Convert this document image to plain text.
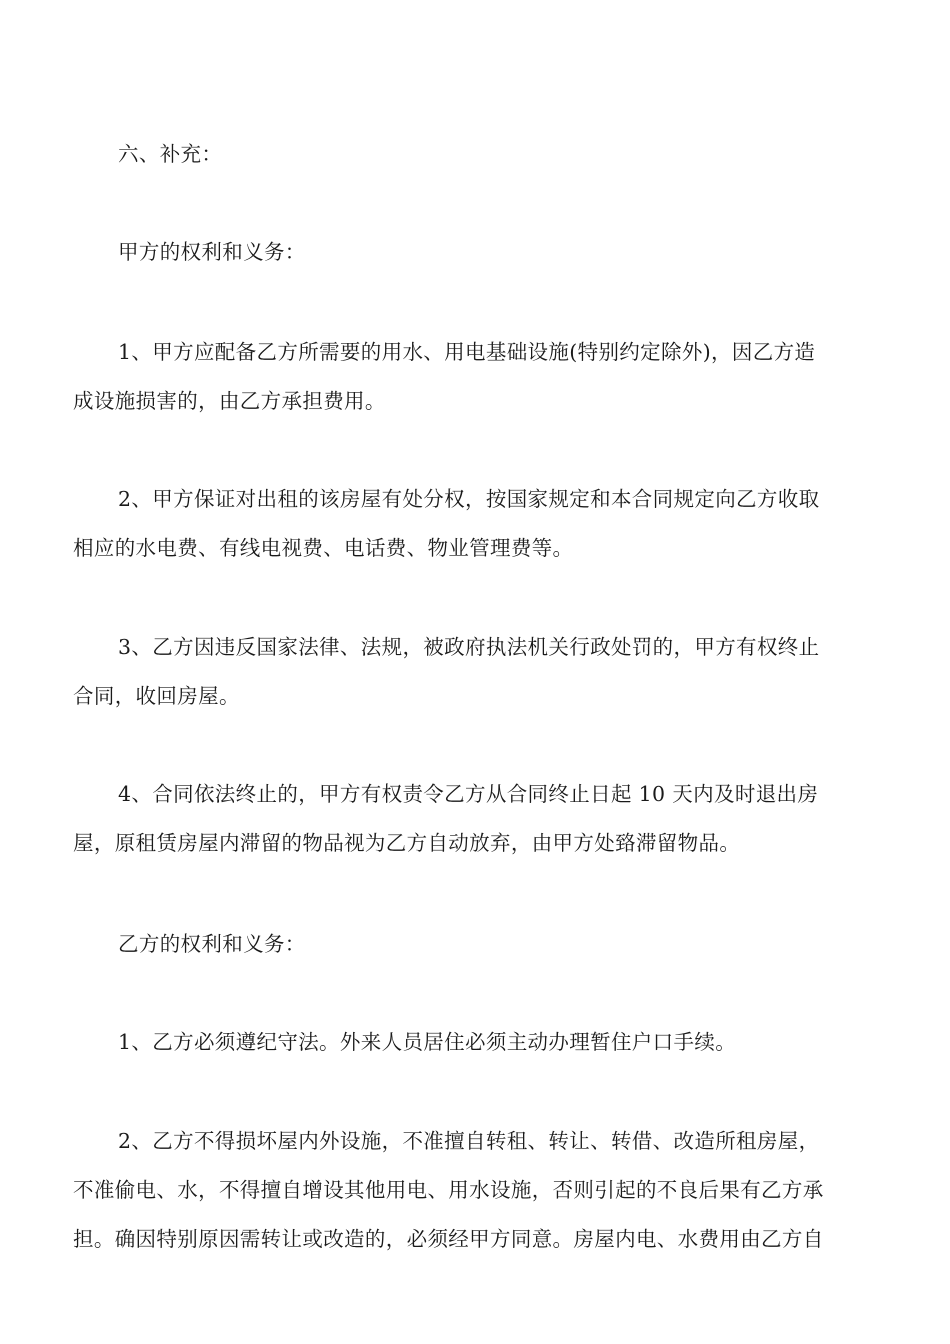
六、补充：

甲方的权利和义务：

1、甲方应配备乙方所需要的用水、用电基础设施(特别约定除外)，因乙方造

成设施损害的，由乙方承担费用。

2、甲方保证对出租的该房屋有处分权，按国家规定和本合同规定向乙方收取

相应的水电费、有线电视费、电话费、物业管理费等。

3、乙方因违反国家法律、法规，被政府执法机关行政处罚的，甲方有权终止

合同，收回房屋。

4、合同依法终止的，甲方有权责令乙方从合同终止日起 10 天内及时退出房

屋，原租赁房屋内滞留的物品视为乙方自动放弃，由甲方处臵滞留物品。

乙方的权利和义务：

1、乙方必须遵纪守法。外来人员居住必须主动办理暂住户口手续。

2、乙方不得损坏屋内外设施，不准擅自转租、转让、转借、改造所租房屋，

不准偷电、水，不得擅自增设其他用电、用水设施，否则引起的不良后果有乙方承

担。确因特别原因需转让或改造的，必须经甲方同意。房屋内电、水费用由乙方自
